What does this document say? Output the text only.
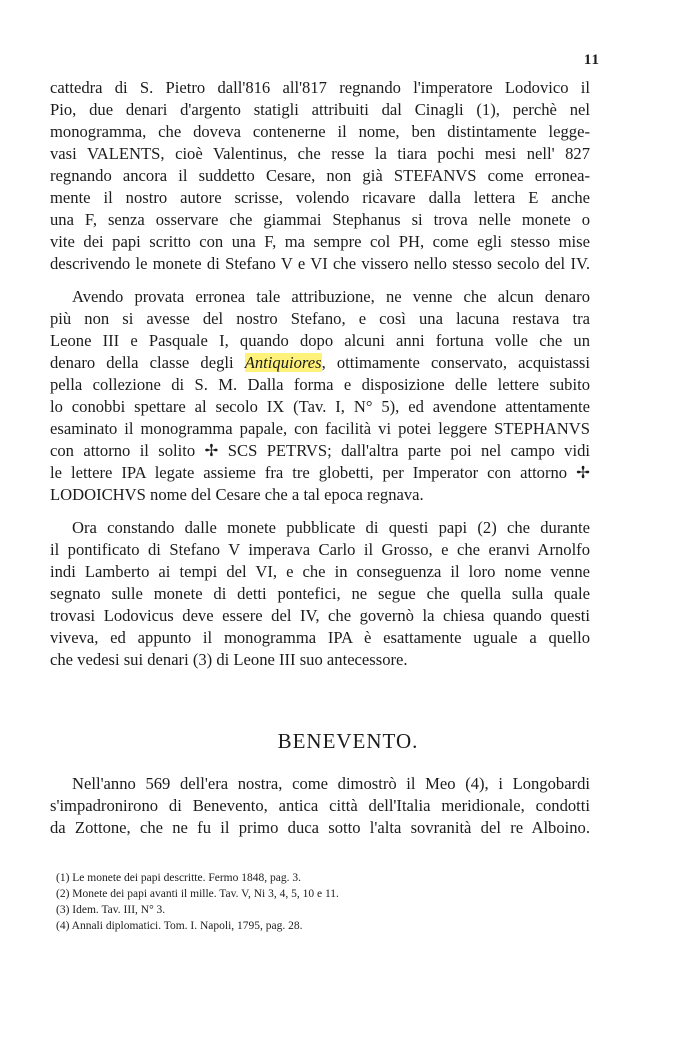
11
cattedra di S. Pietro dall'816 all'817 regnando l'imperatore Lodovico il
Pio, due denari d'argento statigli attribuiti dal Cinagli (1), perchè nel
monogramma, che doveva contenerne il nome, ben distintamente legge-
vasi VALENTS, cioè Valentinus, che resse la tiara pochi mesi nell' 827
regnando ancora il suddetto Cesare, non già STEFANVS come erronea-
mente il nostro autore scrisse, volendo ricavare dalla lettera E anche
una F, senza osservare che giammai Stephanus si trova nelle monete o
vite dei papi scritto con una F, ma sempre col PH, come egli stesso mise
descrivendo le monete di Stefano V e VI che vissero nello stesso secolo del IV.
Avendo provata erronea tale attribuzione, ne venne che alcun denaro
più non si avesse del nostro Stefano, e così una lacuna restava tra
Leone III e Pasquale I, quando dopo alcuni anni fortuna volle che un
denaro della classe degli Antiquiores, ottimamente conservato, acquistassi
pella collezione di S. M. Dalla forma e disposizione delle lettere subito
lo conobbi spettare al secolo IX (Tav. I, N° 5), ed avendone attentamente
esaminato il monogramma papale, con facilità vi potei leggere STEPHANVS
con attorno il solito ✢ SCS PETRVS; dall'altra parte poi nel campo vidi
le lettere IPA legate assieme fra tre globetti, per Imperator con attorno ✢
LODOICHVS nome del Cesare che a tal epoca regnava.
Ora constando dalle monete pubblicate di questi papi (2) che durante
il pontificato di Stefano V imperava Carlo il Grosso, e che eranvi Arnolfo
indi Lamberto ai tempi del VI, e che in conseguenza il loro nome venne
segnato sulle monete di detti pontefici, ne segue che quella sulla quale
trovasi Lodovicus deve essere del IV, che governò la chiesa quando questi
viveva, ed appunto il monogramma IPA è esattamente uguale a quello
che vedesi sui denari (3) di Leone III suo antecessore.
BENEVENTO.
Nell'anno 569 dell'era nostra, come dimostrò il Meo (4), i Longobardi
s'impadronirono di Benevento, antica città dell'Italia meridionale, condotti
da Zottone, che ne fu il primo duca sotto l'alta sovranità del re Alboino.
(1) Le monete dei papi descritte. Fermo 1848, pag. 3.
(2) Monete dei papi avanti il mille. Tav. V, Ni 3, 4, 5, 10 e 11.
(3) Idem. Tav. III, N° 3.
(4) Annali diplomatici. Tom. I. Napoli, 1795, pag. 28.
